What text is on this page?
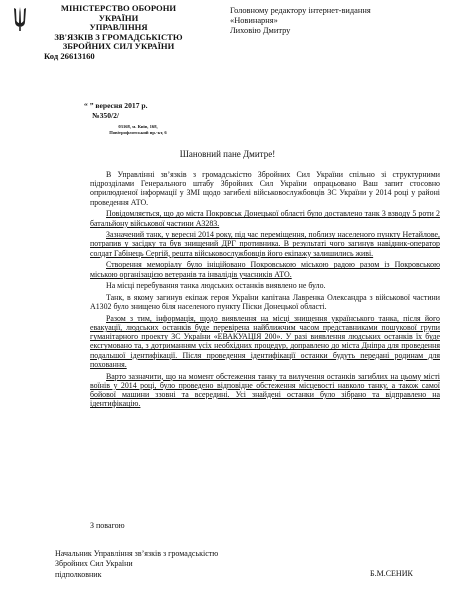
МІНІСТЕРСТВО ОБОРОНИ
УКРАЇНИ
УПРАВЛІННЯ
ЗВ'ЯЗКІВ З ГРОМАДСЬКІСТЮ
ЗБРОЙНИХ СИЛ УКРАЇНИ
Код 26613160
“ ” вересня 2017 р.
№350/2/
03168, м. Київ, 168,
Повітрофлотський пр.-кт, 6
Головному редактору інтернет-видання
«Новинарня»
Лиховію Дмитру
Шановний пане Дмитре!

В Управлінні зв’язків з громадськістю Збройних Сил України спільно зі структурними підрозділами Генерального штабу Збройних Сил України опрацьовано Ваш запит стосовно оприлюдненої інформації у ЗМІ щодо загибелі військовослужбовців ЗС України у 2014 році у районі проведення АТО.

Повідомляється, що до міста Покровськ Донецької області було доставлено танк 3 взводу 5 роти 2 батальйону військової частини А3283.

Зазначений танк, у вересні 2014 року, під час переміщення, поблизу населеного пункту Нетайлове, потрапив у засідку та був знищений ДРГ противника. В результаті чого загинув навідник-оператор солдат Габінець Сергій, решта військовослужбовців його екіпажу залишились живі.

Створення меморіалу було ініційовано Покровською міською радою разом із Покровською міською організацією ветеранів та інвалідів учасників АТО.

На місці перебування танка людських останків виявлено не було.

Танк, в якому загинув екіпаж героя України капітана Лавренка Олександра з військової частини А1302 було знищено біля населеного пункту Піски Донецької області.

Разом з тим, інформація, щодо виявлення на місці знищення українського танка, після його евакуації, людських останків буде перевірена найближчим часом представниками пошукової групи гуманітарного проекту ЗС України «ЕВАКУАЦІЯ 200». У разі виявлення людських останків їх буде ексгумовано та, з дотриманням усіх необхідних процедур, доправлено до міста Дніпра для проведення подальшої ідентифікації. Після проведення ідентифікації останки будуть передані родинам для поховання.

Варто зазначити, що на момент обстеження танку та вилучення останків загиблих на цьому місті воїнів у 2014 році, було проведено відповідне обстеження місцевості навколо танку, а також самої бойової машини ззовні та всередині. Усі знайдені останки було зібрано та відправлено на ідентифікацію.

З повагою
Начальник Управління зв’язків з громадськістю
Збройних Сил України
підполковник	Б.М.СЕНИК
